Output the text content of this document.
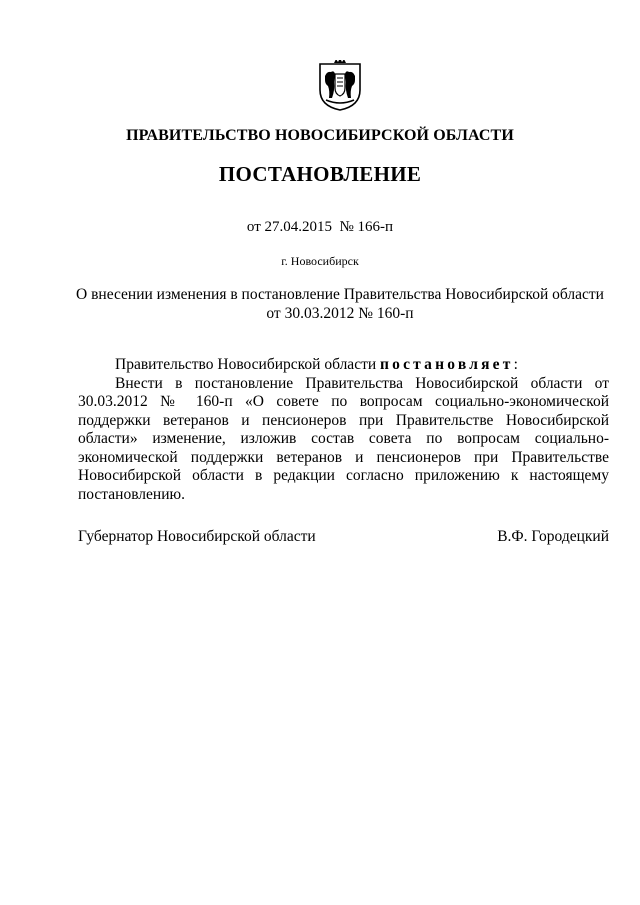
ПРАВИТЕЛЬСТВО НОВОСИБИРСКОЙ ОБЛАСТИ
ПОСТАНОВЛЕНИЕ
от 27.04.2015 № 166-п
г. Новосибирск
О внесении изменения в постановление Правительства Новосибирской области
от 30.03.2012 № 160-п

Правительство Новосибирской области постановляет:

Внести в постановление Правительства Новосибирской области от 30.03.2012 № 160-п «О совете по вопросам социально-экономической поддержки ветеранов и пенсионеров при Правительстве Новосибирской области» изменение, изложив состав совета по вопросам социально-экономической поддержки ветеранов и пенсионеров при Правительстве Новосибирской области в редакции согласно приложению к настоящему постановлению.

Губернатор Новосибирской области	В.Ф. Городецкий
